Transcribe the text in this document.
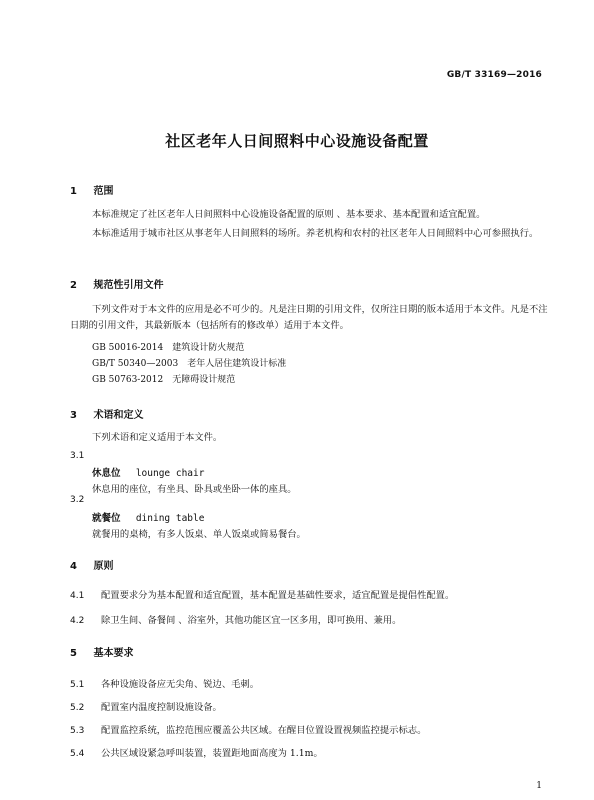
GB/T 33169—2016
社区老年人日间照料中心设施设备配置
1 范围
本标准规定了社区老年人日间照料中心设施设备配置的原则 、基本要求、基本配置和适宜配置。
本标准适用于城市社区从事老年人日间照料的场所。养老机构和农村的社区老年人日间照料中心可参照执行。
2 规范性引用文件
下列文件对于本文件的应用是必不可少的。凡是注日期的引用文件，仅所注日期的版本适用于本文件。凡是不注日期的引用文件，其最新版本（包括所有的修改单）适用于本文件。
GB 50016-2014　建筑设计防火规范
GB/T 50340—2003　老年人居住建筑设计标准
GB 50763-2012　无障碍设计规范
3 术语和定义
下列术语和定义适用于本文件。
3.1
休息位 lounge chair
休息用的座位，有坐具、卧具或坐卧一体的座具。
3.2
就餐位 dining table
就餐用的桌椅，有多人饭桌、单人饭桌或简易餐台。
4 原则
4.1 配置要求分为基本配置和适宜配置，基本配置是基础性要求，适宜配置是提倡性配置。
4.2 除卫生间、备餐间 、浴室外，其他功能区宜一区多用，即可换用、兼用。
5 基本要求
5.1 各种设施设备应无尖角、锐边、毛刺。
5.2 配置室内温度控制设施设备。
5.3 配置监控系统，监控范围应覆盖公共区域。在醒目位置设置视频监控提示标志。
5.4 公共区域设紧急呼叫装置，装置距地面高度为 1.1m。
1
